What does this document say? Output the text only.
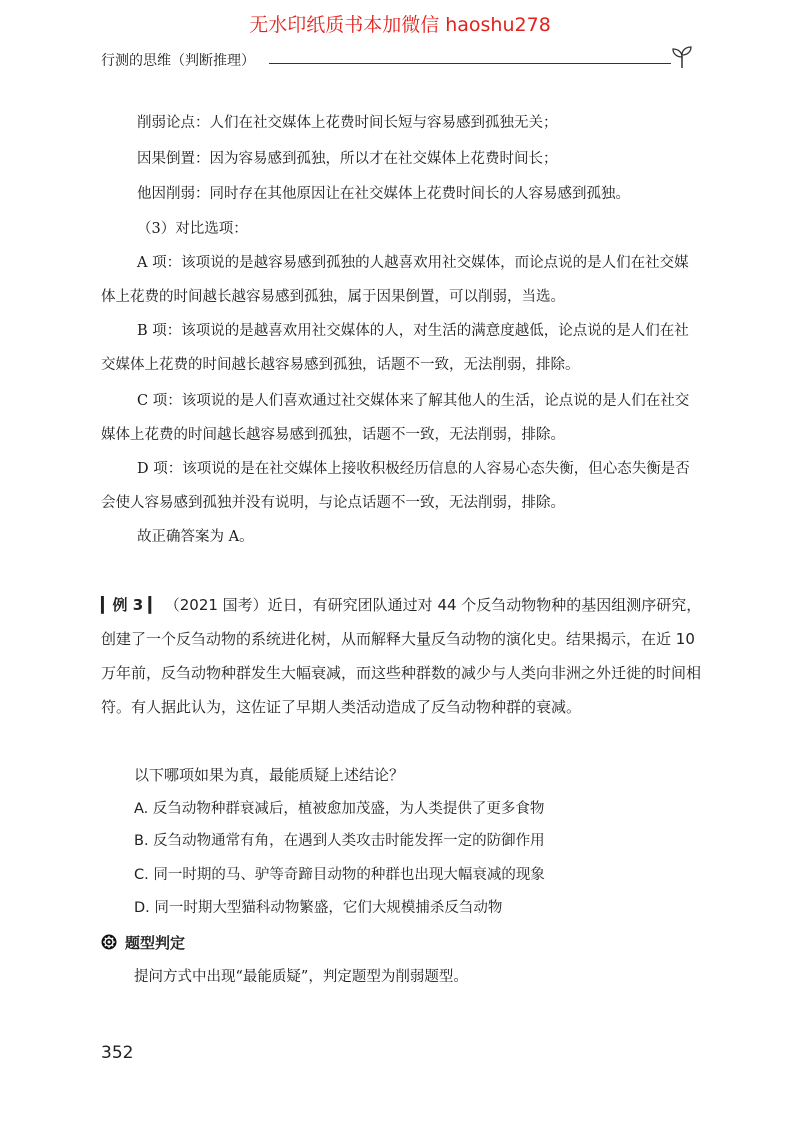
无水印纸质书本加微信 haoshu278
行测的思维（判断推理）

削弱论点：人们在社交媒体上花费时间长短与容易感到孤独无关；

因果倒置：因为容易感到孤独，所以才在社交媒体上花费时间长；

他因削弱：同时存在其他原因让在社交媒体上花费时间长的人容易感到孤独。

（3）对比选项：

A 项：该项说的是越容易感到孤独的人越喜欢用社交媒体，而论点说的是人们在社交媒体上花费的时间越长越容易感到孤独，属于因果倒置，可以削弱，当选。

B 项：该项说的是越喜欢用社交媒体的人，对生活的满意度越低，论点说的是人们在社交媒体上花费的时间越长越容易感到孤独，话题不一致，无法削弱，排除。

C 项：该项说的是人们喜欢通过社交媒体来了解其他人的生活，论点说的是人们在社交媒体上花费的时间越长越容易感到孤独，话题不一致，无法削弱，排除。

D 项：该项说的是在社交媒体上接收积极经历信息的人容易心态失衡，但心态失衡是否会使人容易感到孤独并没有说明，与论点话题不一致，无法削弱，排除。

故正确答案为 A。

▎例 3 ▎ （2021 国考）近日，有研究团队通过对 44 个反刍动物物种的基因组测序研究，创建了一个反刍动物的系统进化树，从而解释大量反刍动物的演化史。结果揭示，在近 10 万年前，反刍动物种群发生大幅衰减，而这些种群数的减少与人类向非洲之外迁徙的时间相符。有人据此认为，这佐证了早期人类活动造成了反刍动物种群的衰减。

以下哪项如果为真，最能质疑上述结论？

A. 反刍动物种群衰减后，植被愈加茂盛，为人类提供了更多食物

B. 反刍动物通常有角，在遇到人类攻击时能发挥一定的防御作用

C. 同一时期的马、驴等奇蹄目动物的种群也出现大幅衰减的现象

D. 同一时期大型猫科动物繁盛，它们大规模捕杀反刍动物

题型判定

提问方式中出现“最能质疑”，判定题型为削弱题型。

352
